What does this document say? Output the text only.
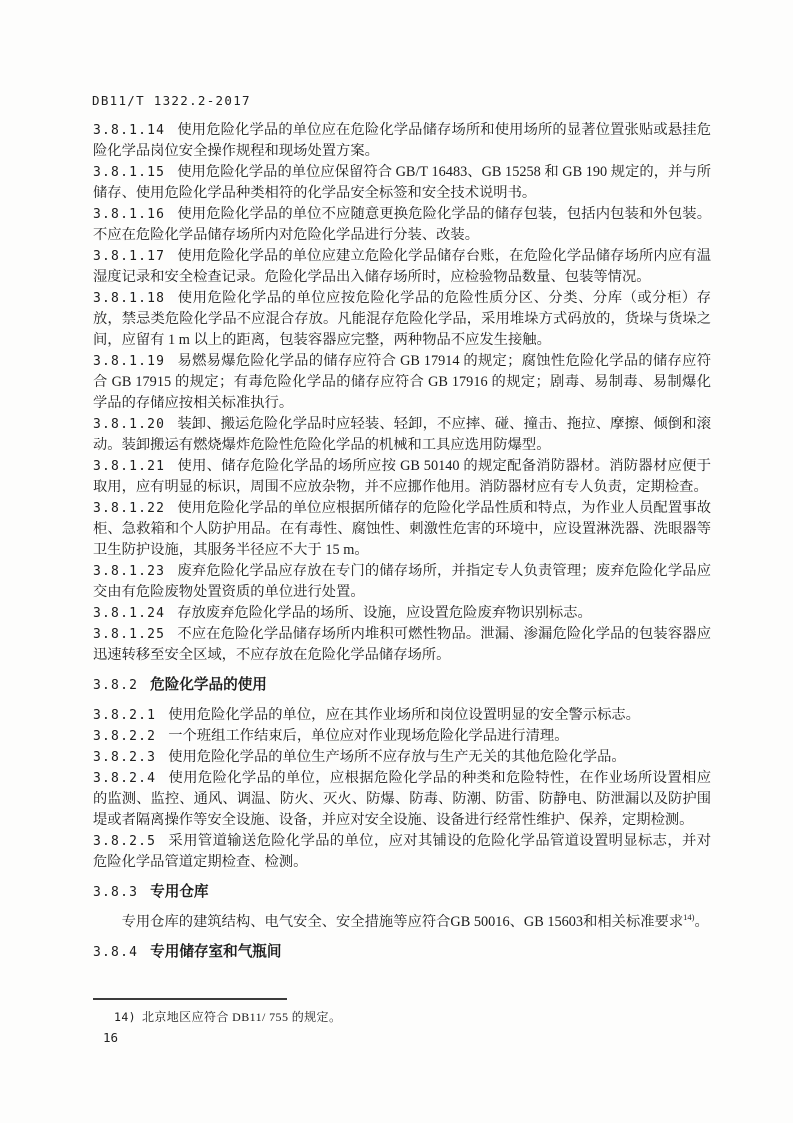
DB11/T 1322.2-2017

3.8.1.14 使用危险化学品的单位应在危险化学品储存场所和使用场所的显著位置张贴或悬挂危险化学品岗位安全操作规程和现场处置方案。

3.8.1.15 使用危险化学品的单位应保留符合 GB/T 16483、GB 15258 和 GB 190 规定的，并与所储存、使用危险化学品种类相符的化学品安全标签和安全技术说明书。

3.8.1.16 使用危险化学品的单位不应随意更换危险化学品的储存包装，包括内包装和外包装。不应在危险化学品储存场所内对危险化学品进行分装、改装。

3.8.1.17 使用危险化学品的单位应建立危险化学品储存台账，在危险化学品储存场所内应有温湿度记录和安全检查记录。危险化学品出入储存场所时，应检验物品数量、包装等情况。

3.8.1.18 使用危险化学品的单位应按危险化学品的危险性质分区、分类、分库（或分柜）存放，禁忌类危险化学品不应混合存放。凡能混存危险化学品，采用堆垛方式码放的，货垛与货垛之间，应留有 1 m 以上的距离，包装容器应完整，两种物品不应发生接触。

3.8.1.19 易燃易爆危险化学品的储存应符合 GB 17914 的规定；腐蚀性危险化学品的储存应符合 GB 17915 的规定；有毒危险化学品的储存应符合 GB 17916 的规定；剧毒、易制毒、易制爆化学品的存储应按相关标准执行。

3.8.1.20 装卸、搬运危险化学品时应轻装、轻卸，不应摔、碰、撞击、拖拉、摩擦、倾倒和滚动。装卸搬运有燃烧爆炸危险性危险化学品的机械和工具应选用防爆型。

3.8.1.21 使用、储存危险化学品的场所应按 GB 50140 的规定配备消防器材。消防器材应便于取用，应有明显的标识，周围不应放杂物，并不应挪作他用。消防器材应有专人负责，定期检查。

3.8.1.22 使用危险化学品的单位应根据所储存的危险化学品性质和特点，为作业人员配置事故柜、急救箱和个人防护用品。在有毒性、腐蚀性、刺激性危害的环境中，应设置淋洗器、洗眼器等卫生防护设施，其服务半径应不大于 15 m。

3.8.1.23 废弃危险化学品应存放在专门的储存场所，并指定专人负责管理；废弃危险化学品应交由有危险废物处置资质的单位进行处置。

3.8.1.24 存放废弃危险化学品的场所、设施，应设置危险废弃物识别标志。

3.8.1.25 不应在危险化学品储存场所内堆积可燃性物品。泄漏、渗漏危险化学品的包装容器应迅速转移至安全区域，不应存放在危险化学品储存场所。

3.8.2 危险化学品的使用

3.8.2.1 使用危险化学品的单位，应在其作业场所和岗位设置明显的安全警示标志。

3.8.2.2 一个班组工作结束后，单位应对作业现场危险化学品进行清理。

3.8.2.3 使用危险化学品的单位生产场所不应存放与生产无关的其他危险化学品。

3.8.2.4 使用危险化学品的单位，应根据危险化学品的种类和危险特性，在作业场所设置相应的监测、监控、通风、调温、防火、灭火、防爆、防毒、防潮、防雷、防静电、防泄漏以及防护围堤或者隔离操作等安全设施、设备，并应对安全设施、设备进行经常性维护、保养，定期检测。

3.8.2.5 采用管道输送危险化学品的单位，应对其铺设的危险化学品管道设置明显标志，并对危险化学品管道定期检查、检测。

3.8.3 专用仓库

专用仓库的建筑结构、电气安全、安全措施等应符合GB 50016、GB 15603和相关标准要求$^{14)}$。

3.8.4 专用储存室和气瓶间

14) 北京地区应符合 DB11/ 755 的规定。

16
